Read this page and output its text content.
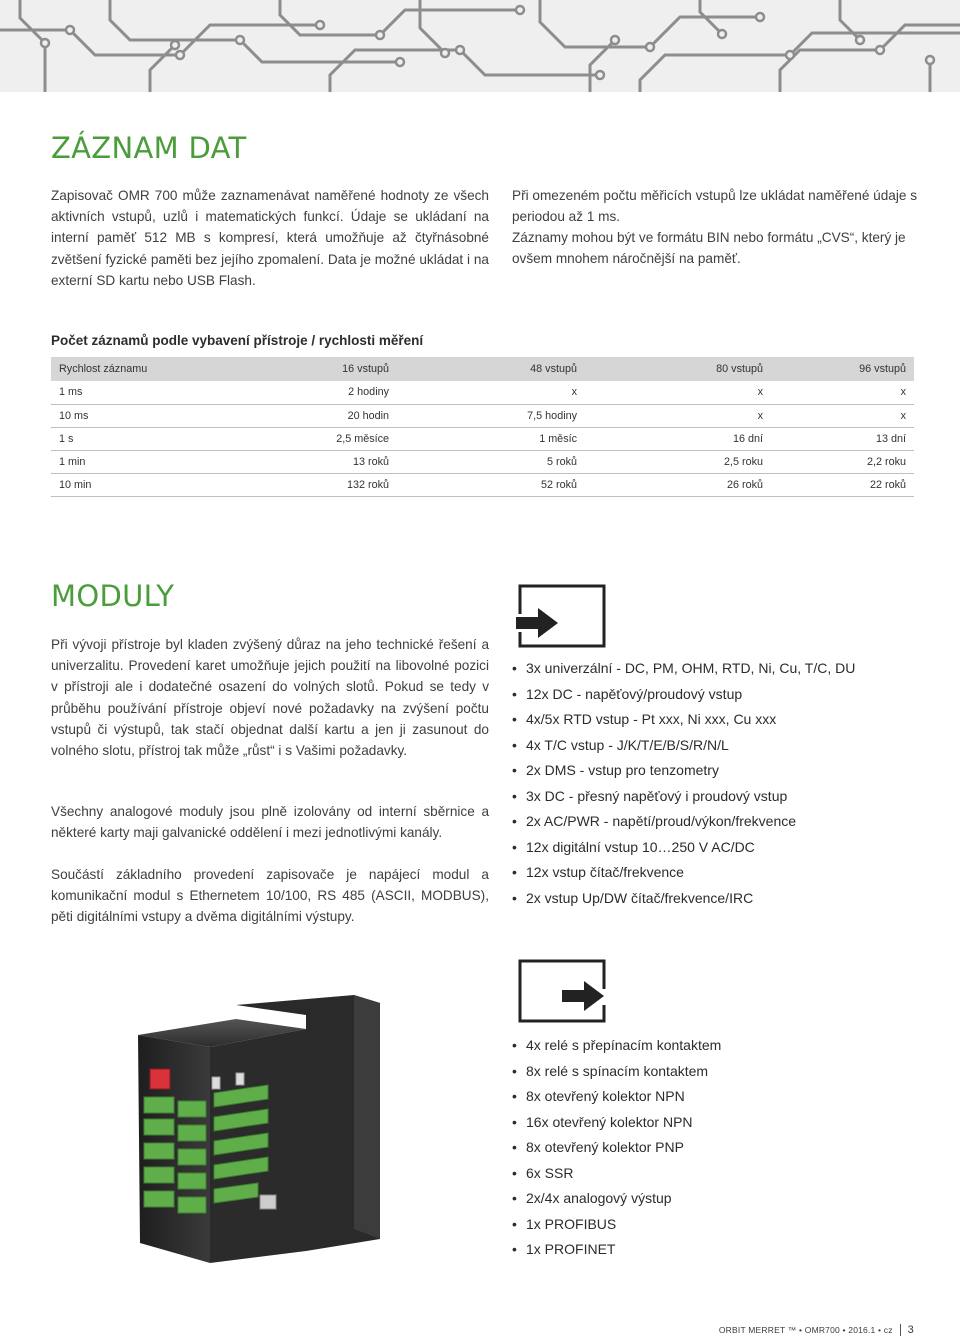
ZÁZNAM DAT

Zapisovač OMR 700 může zaznamenávat naměřené hodnoty ze všech aktivních vstupů, uzlů i matematických funkcí. Údaje se ukládaní na interní paměť 512 MB s kompresí, která umožňuje až čtyřnásobné zvětšení fyzické paměti bez jejího zpomalení. Data je možné ukládat i na externí SD kartu nebo USB Flash.

Při omezeném počtu měřicích vstupů lze ukládat naměřené údaje s periodou až 1 ms.

Záznamy mohou být ve formátu BIN nebo formátu „CVS“, který je ovšem mnohem náročnější na paměť.

Počet záznamů podle vybavení přístroje / rychlosti měření
Rychlost záznamu	16 vstupů	48 vstupů	80 vstupů	96 vstupů
1 ms	2 hodiny	x	x	x
10 ms	20 hodin	7,5 hodiny	x	x
1 s	2,5 měsíce	1 měsíc	16 dní	13 dní
1 min	13 roků	5 roků	2,5 roku	2,2 roku
10 min	132 roků	52 roků	26 roků	22 roků
MODULY

Při vývoji přístroje byl kladen zvýšený důraz na jeho technické řešení a univerzalitu. Provedení karet umožňuje jejich použití na libovolné pozici v přístroji ale i dodatečné osazení do volných slotů. Pokud se tedy v průběhu používání přístroje objeví nové požadavky na zvýšení počtu vstupů či výstupů, tak stačí objednat další kartu a jen ji zasunout do volného slotu, přístroj tak může „růst“ i s Vašimi požadavky.

Všechny analogové moduly jsou plně izolovány od interní sběrnice a některé karty maji galvanické oddělení i mezi jednotlivými kanály.

Součástí základního provedení zapisovače je napájecí modul a komunikační modul s Ethernetem 10/100, RS 485 (ASCII, MODBUS), pěti digitálními vstupy a dvěma digitálními výstupy.

• 3x univerzální - DC, PM, OHM, RTD, Ni, Cu, T/C, DU
• 12x DC - napěťový/proudový vstup
• 4x/5x RTD vstup - Pt xxx, Ni xxx, Cu xxx
• 4x T/C vstup - J/K/T/E/B/S/R/N/L
• 2x DMS - vstup pro tenzometry
• 3x DC - přesný napěťový i proudový vstup
• 2x AC/PWR - napětí/proud/výkon/frekvence
• 12x digitální vstup 10…250 V AC/DC
• 12x vstup čítač/frekvence
• 2x vstup Up/DW čítač/frekvence/IRC
• 4x relé s přepínacím kontaktem
• 8x relé s spínacím kontaktem
• 8x otevřený kolektor NPN
• 16x otevřený kolektor NPN
• 8x otevřený kolektor PNP
• 6x SSR
• 2x/4x analogový výstup
• 1x PROFIBUS
• 1x PROFINET
ORBIT MERRET ™ • OMR700 • 2016.1 • cz 3
